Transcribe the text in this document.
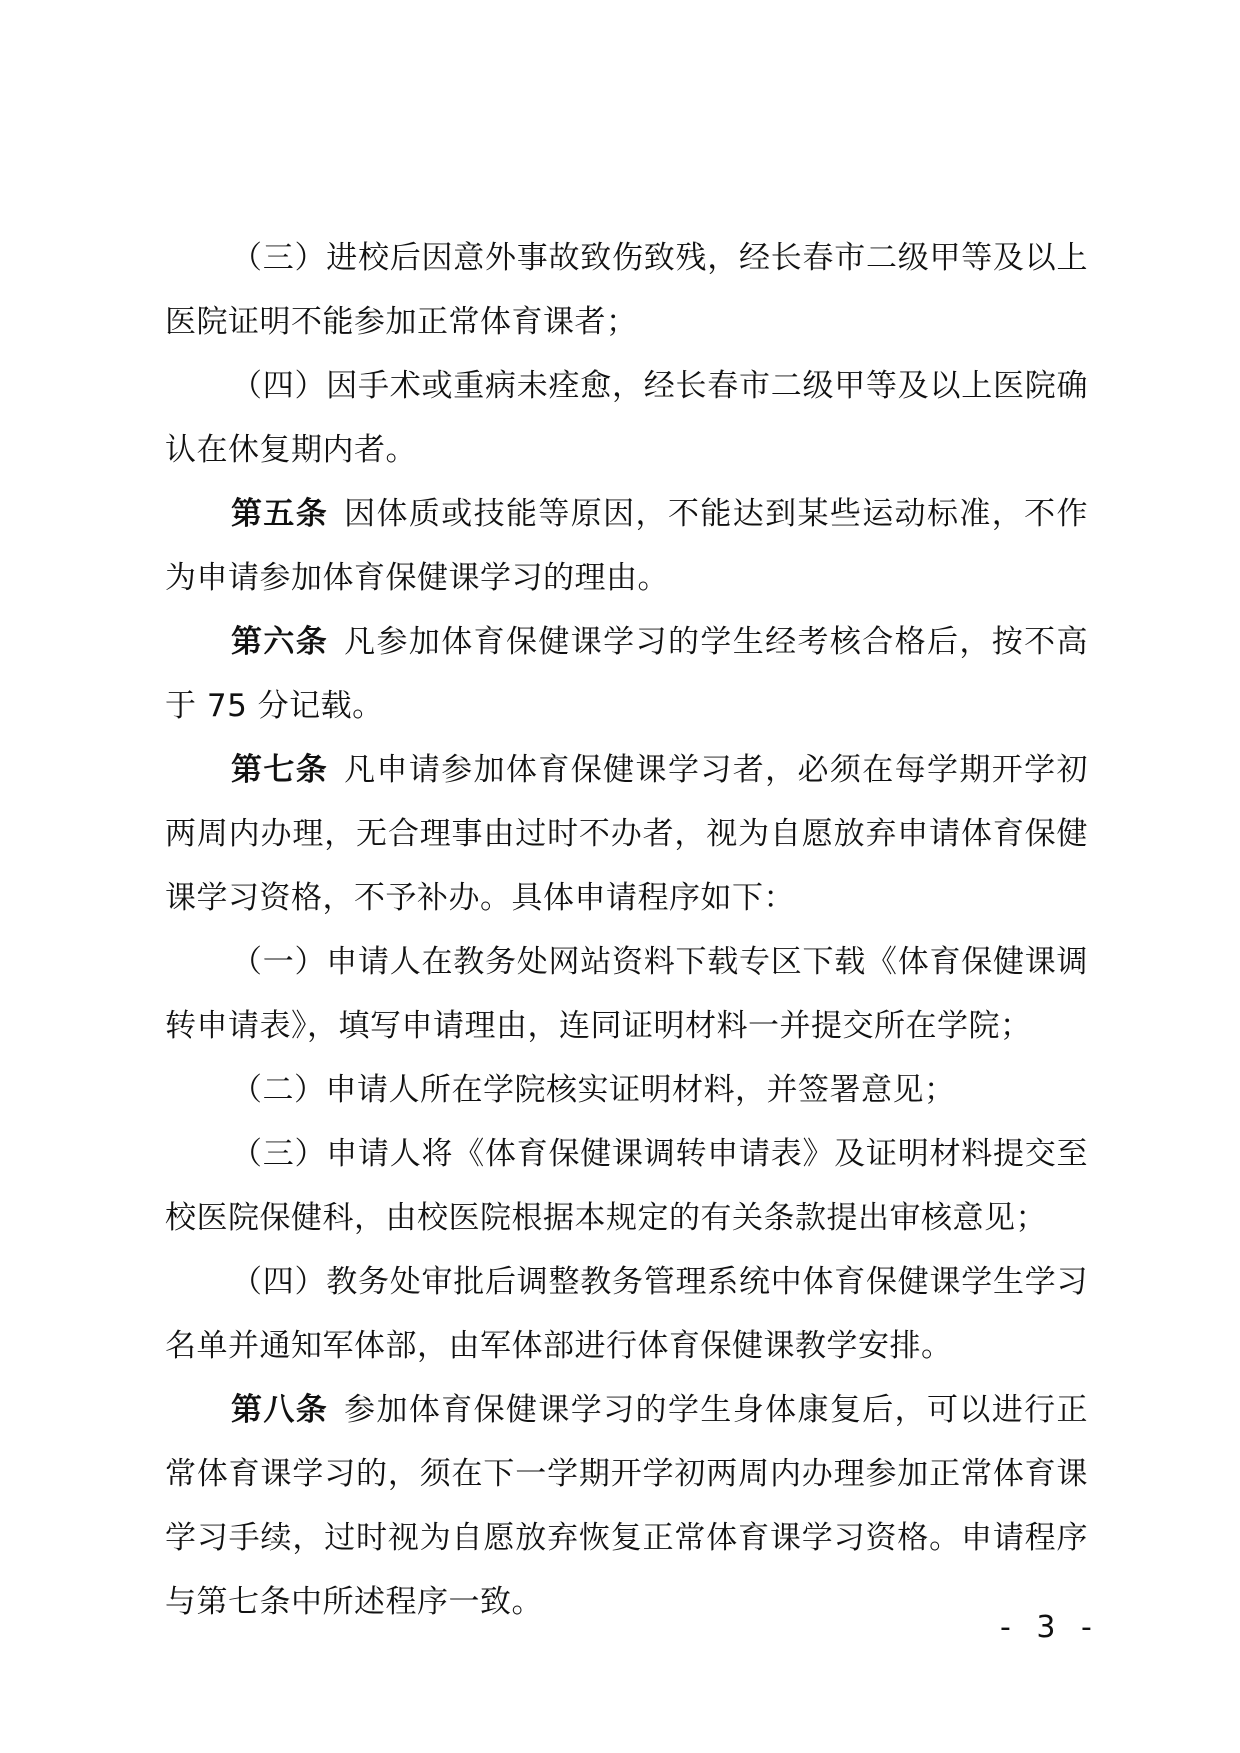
（三）进校后因意外事故致伤致残，经长春市二级甲等及以上医院证明不能参加正常体育课者；

（四）因手术或重病未痊愈，经长春市二级甲等及以上医院确认在休复期内者。

第五条 因体质或技能等原因，不能达到某些运动标准，不作为申请参加体育保健课学习的理由。

第六条 凡参加体育保健课学习的学生经考核合格后，按不高于 75 分记载。

第七条 凡申请参加体育保健课学习者，必须在每学期开学初两周内办理，无合理事由过时不办者，视为自愿放弃申请体育保健课学习资格，不予补办。具体申请程序如下：

（一）申请人在教务处网站资料下载专区下载《体育保健课调转申请表》，填写申请理由，连同证明材料一并提交所在学院；

（二）申请人所在学院核实证明材料，并签署意见；

（三）申请人将《体育保健课调转申请表》及证明材料提交至校医院保健科，由校医院根据本规定的有关条款提出审核意见；

（四）教务处审批后调整教务管理系统中体育保健课学生学习名单并通知军体部，由军体部进行体育保健课教学安排。

第八条 参加体育保健课学习的学生身体康复后，可以进行正常体育课学习的，须在下一学期开学初两周内办理参加正常体育课学习手续，过时视为自愿放弃恢复正常体育课学习资格。申请程序与第七条中所述程序一致。

- 3 -
